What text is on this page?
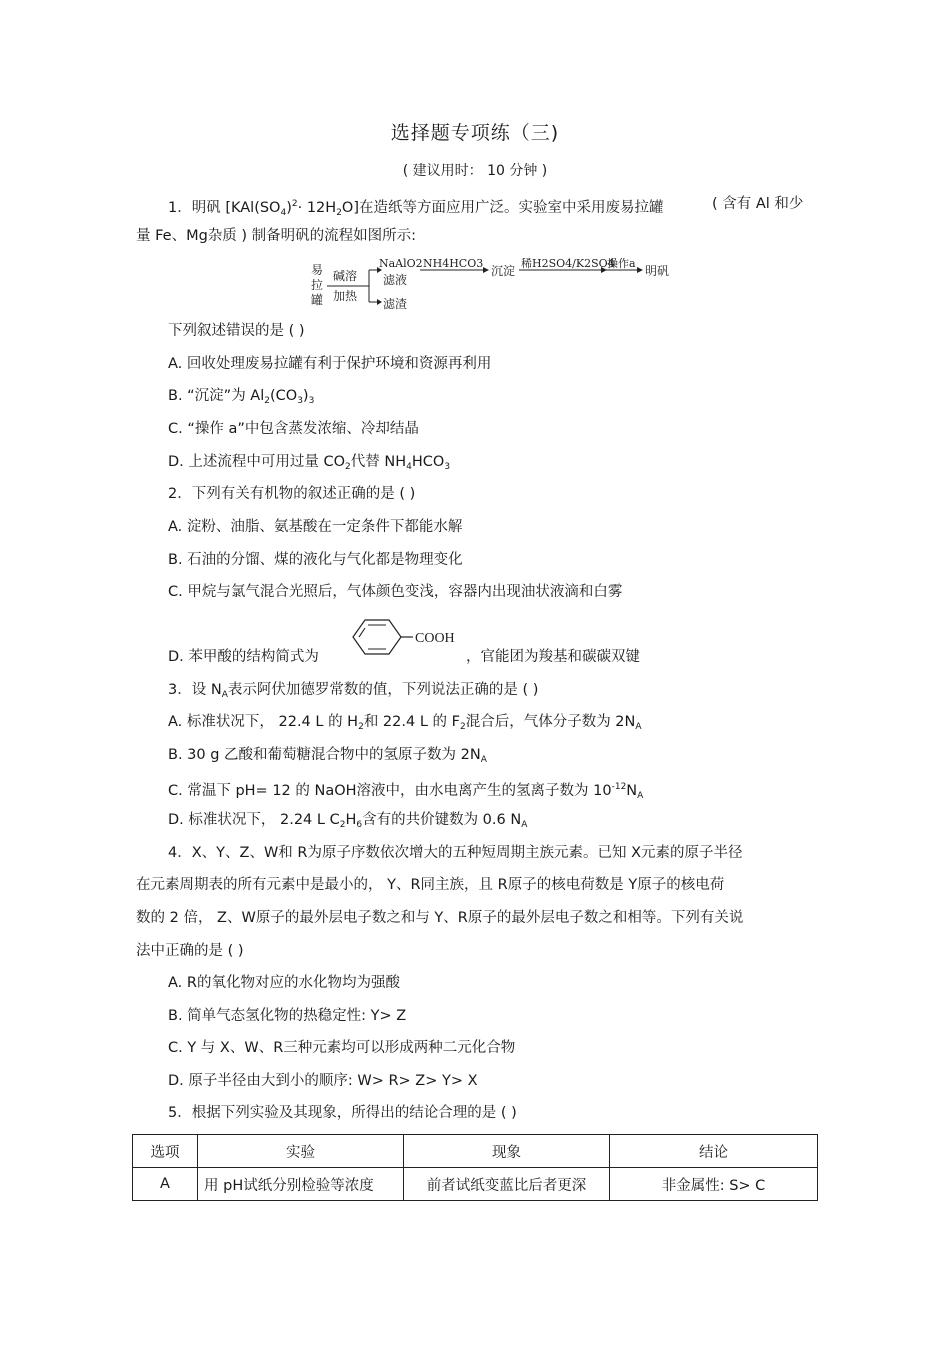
选择题专项练（三)
( 建议用时： 10 分钟 )
1．明矾 $[KAl(SO_4)^2\cdot 12H_2O]$在造纸等方面应用广泛。实验室中采用废易拉罐	( 含有 Al 和少
量 Fe、Mg杂质 ) 制备明矾的流程如图所示:
易
拉
罐
碱溶
加热
NaAlO2
滤液
滤渣
NH4HCO3
沉淀
稀H2SO4/K2SO4
操作a
明矾
下列叙述错误的是 ( )
A. 回收处理废易拉罐有利于保护环境和资源再利用
B. “沉淀”为 $Al_2(CO_3)_3$
C. “操作 a”中包含蒸发浓缩、冷却结晶
D. 上述流程中可用过量 $CO_2$代替 $NH_4HCO_3$
2．下列有关有机物的叙述正确的是 ( )
A. 淀粉、油脂、氨基酸在一定条件下都能水解
B. 石油的分馏、煤的液化与气化都是物理变化
C. 甲烷与氯气混合光照后，气体颜色变浅，容器内出现油状液滴和白雾
COOH
D. 苯甲酸的结构简式为	，官能团为羧基和碳碳双键
3．设 $N_A$表示阿伏加德罗常数的值，下列说法正确的是 ( )
A. 标准状况下， 22.4 L 的 $H_2$和 22.4 L 的 $F_2$混合后，气体分子数为 $2N_A$
B. 30 g 乙酸和葡萄糖混合物中的氢原子数为 $2N_A$
C. 常温下 pH= 12 的 NaOH溶液中，由水电离产生的氢离子数为 $10^{-12}N_A$
D. 标准状况下， 2.24 L $C_2H_6$含有的共价键数为 0.6 $N_A$
4．X、Y、Z、W和 R为原子序数依次增大的五种短周期主族元素。已知 X元素的原子半径
在元素周期表的所有元素中是最小的， Y、R同主族，且 R原子的核电荷数是 Y原子的核电荷
数的 2 倍， Z、W原子的最外层电子数之和与 Y、R原子的最外层电子数之和相等。下列有关说
法中正确的是 ( )
A. R的氧化物对应的水化物均为强酸
B. 简单气态氢化物的热稳定性: Y> Z
C. Y 与 X、W、R三种元素均可以形成两种二元化合物
D. 原子半径由大到小的顺序: W> R> Z> Y> X
5．根据下列实验及其现象，所得出的结论合理的是 ( )
选项	实验	现象	结论
A	用 pH试纸分别检验等浓度	前者试纸变蓝比后者更深	非金属性: S> C
